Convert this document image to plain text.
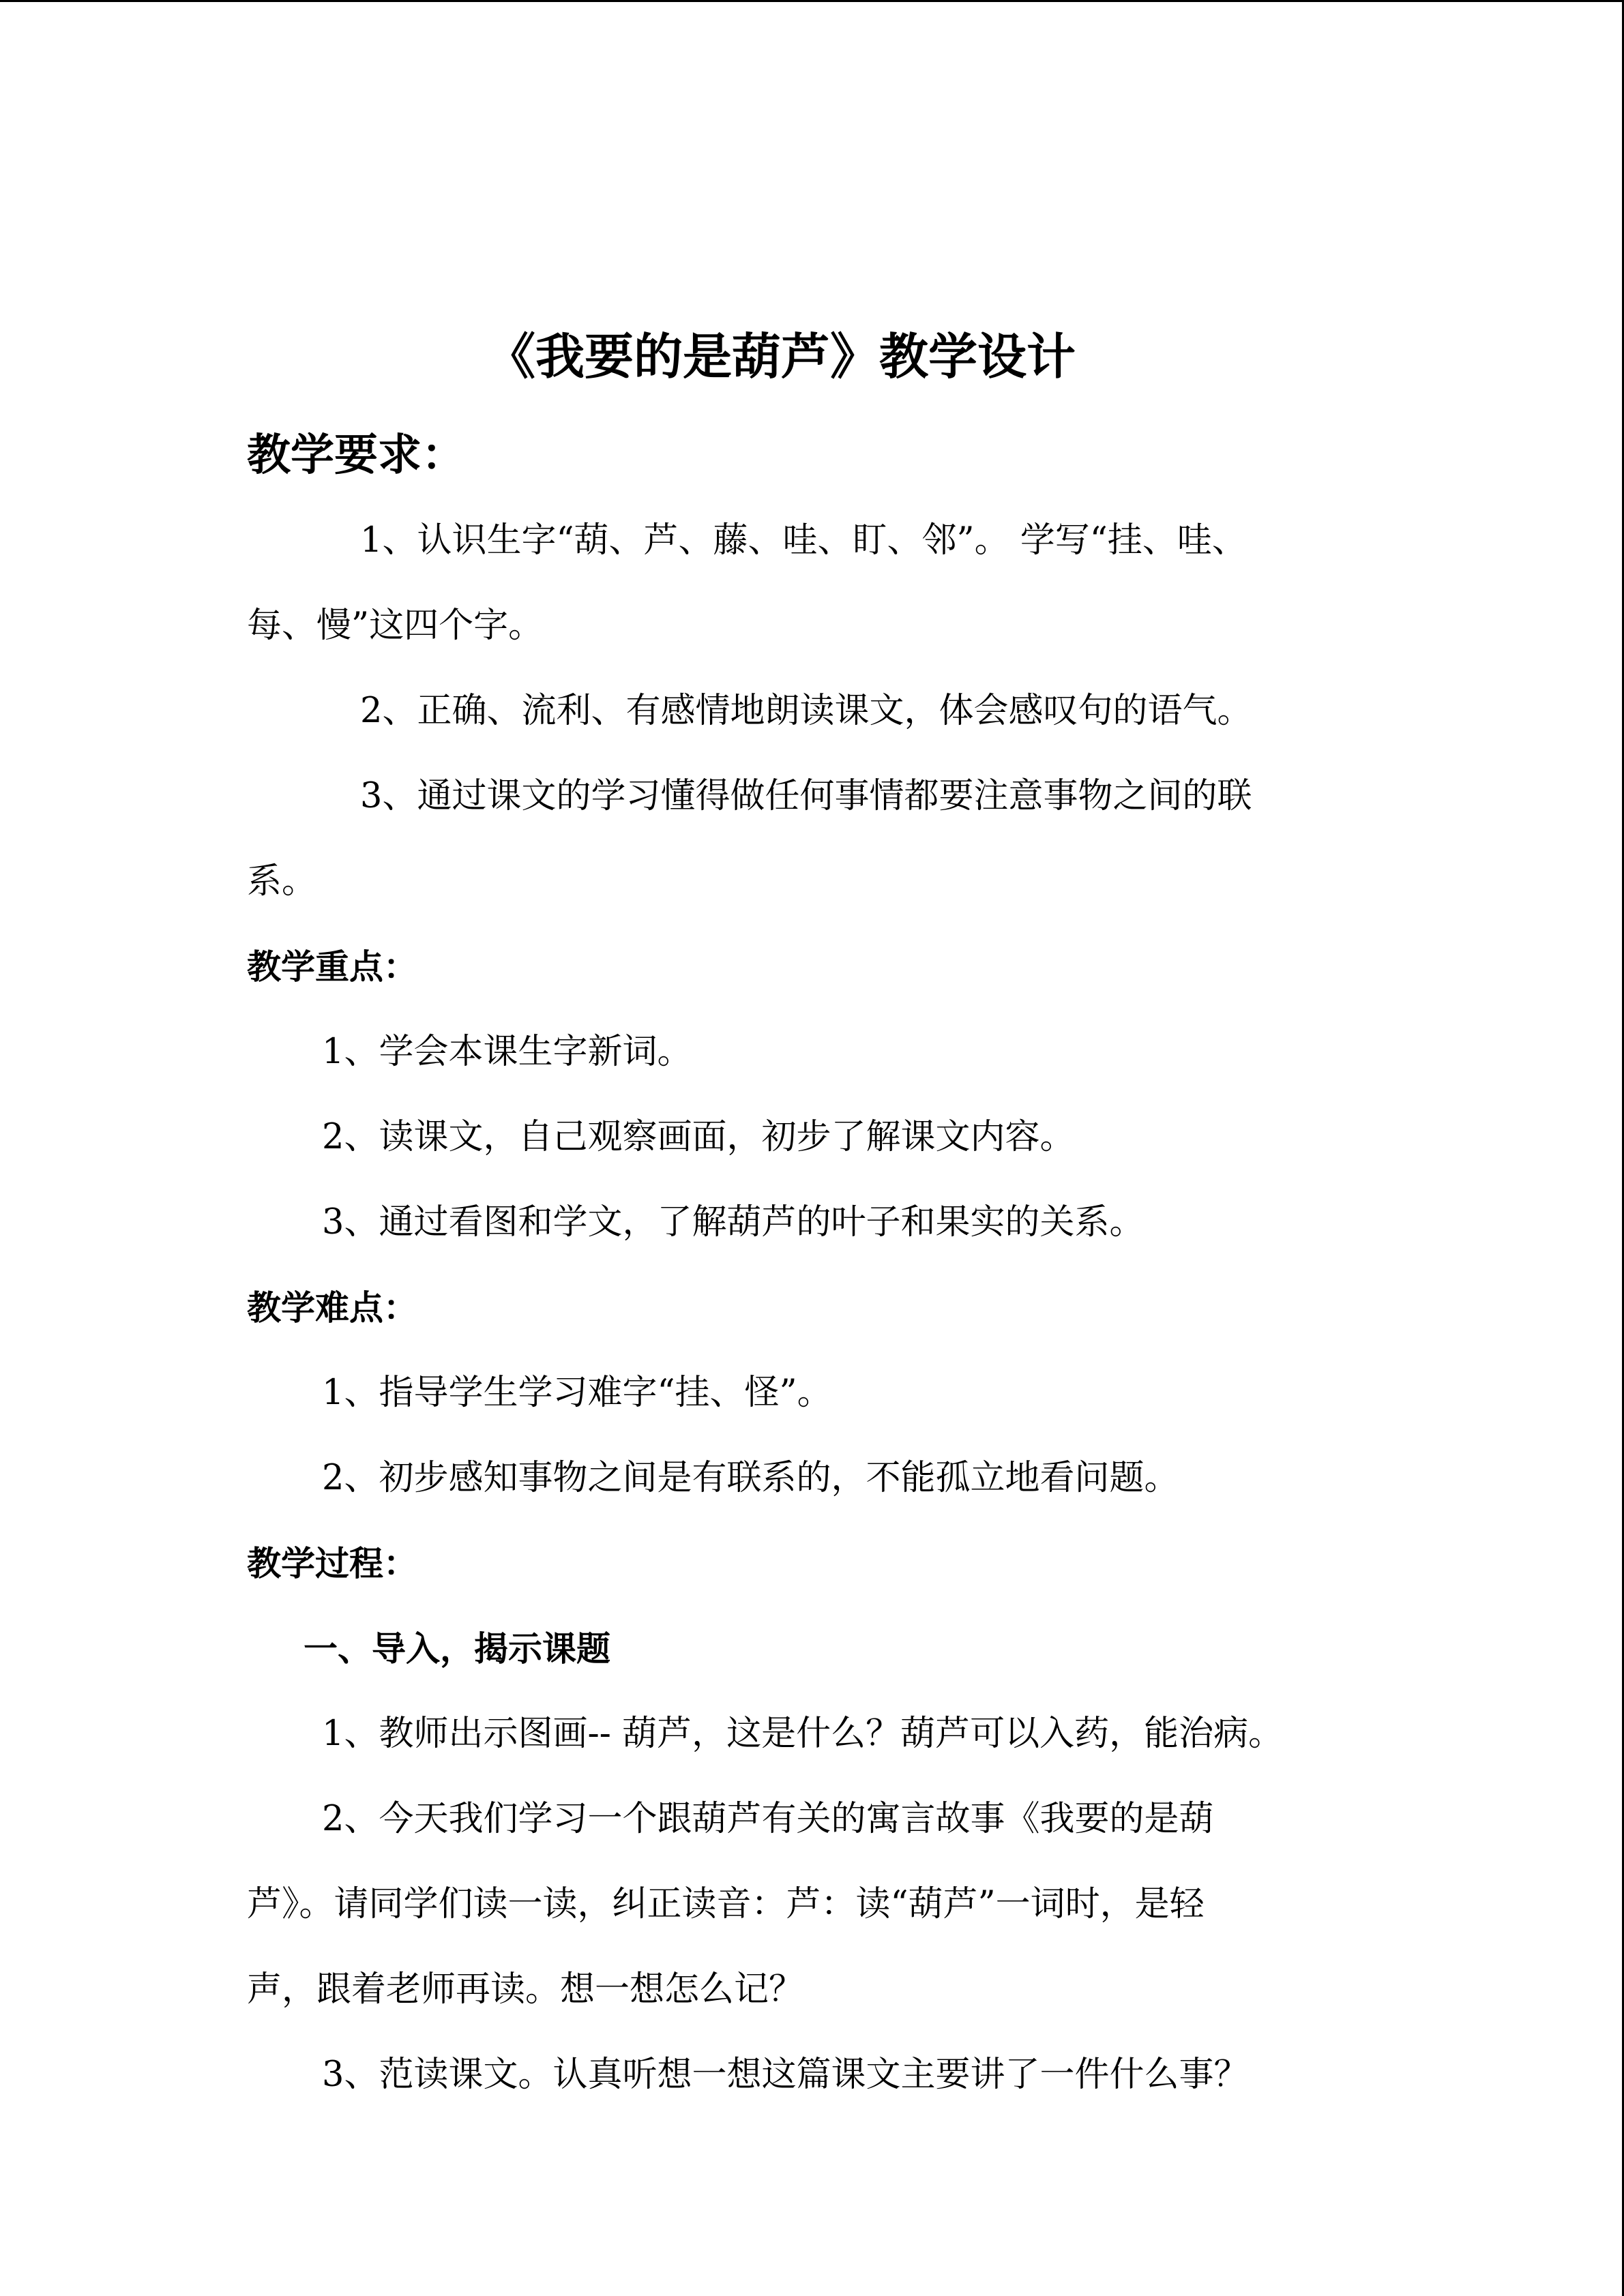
《我要的是葫芦》教学设计
教学要求：
1、认识生字“葫、芦、藤、哇、盯、邻”。 学写“挂、哇、
每、慢”这四个字。
2、正确、流利、有感情地朗读课文，体会感叹句的语气。
3、通过课文的学习懂得做任何事情都要注意事物之间的联
系。
教学重点：
1、学会本课生字新词。
2、读课文，自己观察画面，初步了解课文内容。
3、通过看图和学文，了解葫芦的叶子和果实的关系。
教学难点：
1、指导学生学习难字“挂、怪”。
2、初步感知事物之间是有联系的，不能孤立地看问题。
教学过程：
一、导入，揭示课题
1、教师出示图画-- 葫芦，这是什么？葫芦可以入药，能治病。
2、今天我们学习一个跟葫芦有关的寓言故事《我要的是葫
芦》。请同学们读一读，纠正读音：芦：读“葫芦”一词时，是轻
声，跟着老师再读。想一想怎么记？
3、范读课文。认真听想一想这篇课文主要讲了一件什么事？
